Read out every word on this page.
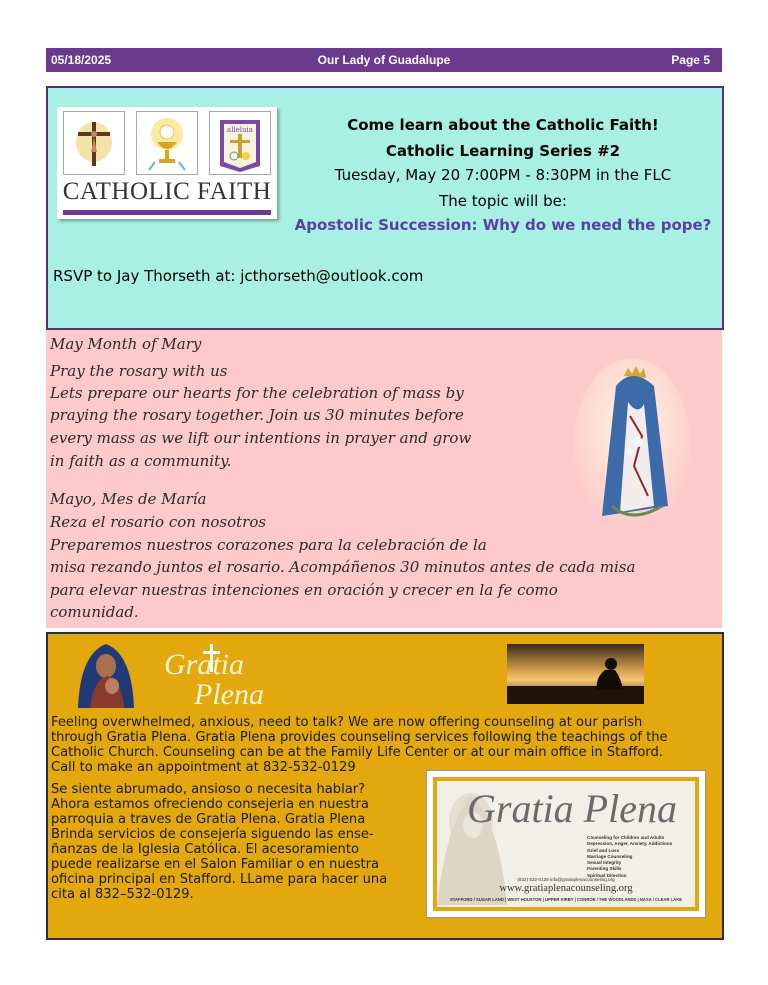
05/18/2025	Our Lady of Guadalupe	Page 5
alleluia
CATHOLIC FAITH
Come learn about the Catholic Faith!
Catholic Learning Series #2
Tuesday, May 20 7:00PM - 8:30PM in the FLC
The topic will be:
Apostolic Succession: Why do we need the pope?
RSVP to Jay Thorseth at: jcthorseth@outlook.com
May Month of Mary
Pray the rosary with us
Lets prepare our hearts for the celebration of mass by
praying the rosary together. Join us 30 minutes before
every mass as we lift our intentions in prayer and grow
in faith as a community.
Mayo, Mes de María
Reza el rosario con nosotros
Preparemos nuestros corazones para la celebración de la
misa rezando juntos el rosario. Acompáñenos 30 minutos antes de cada misa
para elevar nuestras intenciones en oración y crecer en la fe como
comunidad.
Gratia
Plena
Feeling overwhelmed, anxious, need to talk? We are now offering counseling at our parish
through Gratia Plena. Gratia Plena provides counseling services following the teachings of the
Catholic Church. Counseling can be at the Family Life Center or at our main office in Stafford.
Call to make an appointment at 832-532-0129
Se siente abrumado, ansioso o necesita hablar?
Ahora estamos ofreciendo consejeria en nuestra
parroquia a traves de Gratia Plena. Gratia Plena
Brinda servicios de consejería siguendo las ense-
ñanzas de la Iglesia Católica. El acesoramiento
puede realizarse en el Salon Familiar o en nuestra
oficina principal en Stafford. LLame para hacer una
cita al 832–532-0129.
Gratia Plena
Counseling for Children and Adults
Depression, Anger, Anxiety, Addictions
Grief and Loss
Marriage Counseling
Sexual Integrity
Parenting Skills
Spiritual Direction
(832) 532-0129 info@gratiaplenacounseling.org
www.gratiaplenacounseling.org
STAFFORD / SUGAR LAND | WEST HOUSTON | UPPER KIRBY | CONROE / THE WOODLANDS | NASA / CLEAR LAKE
